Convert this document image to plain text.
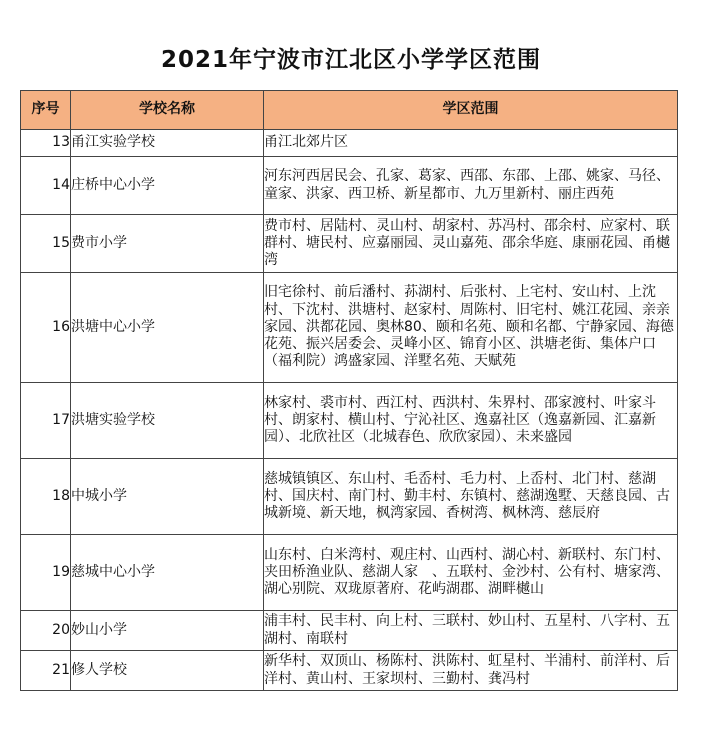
2021年宁波市江北区小学学区范围
序号	学校名称	学区范围
13	甬江实验学校	甬江北郊片区
14	庄桥中心小学	河东河西居民会、孔家、葛家、西邵、东邵、上邵、姚家、马径、童家、洪家、西卫桥、新星都市、九万里新村、丽庄西苑
15	费市小学	费市村、居陆村、灵山村、胡家村、苏冯村、邵余村、应家村、联群村、塘民村、应嘉丽园、灵山嘉苑、邵余华庭、康丽花园、甬樾湾
16	洪塘中心小学	旧宅徐村、前后潘村、荪湖村、后张村、上宅村、安山村、上沈村、下沈村、洪塘村、赵家村、周陈村、旧宅村、姚江花园、亲亲家园、洪都花园、奥林80、颐和名苑、颐和名都、宁静家园、海德花苑、振兴居委会、灵峰小区、锦育小区、洪塘老街、集体户口（福利院）鸿盛家园、洋墅名苑、天赋苑
17	洪塘实验学校	林家村、裘市村、西江村、西洪村、朱界村、邵家渡村、叶家斗村、朗家村、横山村、宁沁社区、逸嘉社区（逸嘉新园、汇嘉新园）、北欣社区（北城春色、欣欣家园）、未来盛园
18	中城小学	慈城镇镇区、东山村、毛岙村、毛力村、上岙村、北门村、慈湖村、国庆村、南门村、勤丰村、东镇村、慈湖逸墅、天慈良园、古城新境、新天地，枫湾家园、香树湾、枫林湾、慈辰府
19	慈城中心小学	山东村、白米湾村、观庄村、山西村、湖心村、新联村、东门村、夹田桥渔业队、慈湖人家　、五联村、金沙村、公有村、塘家湾、湖心别院、双珑原著府、花屿湖郡、湖畔樾山
20	妙山小学	浦丰村、民丰村、向上村、三联村、妙山村、五星村、八字村、五湖村、南联村
21	修人学校	新华村、双顶山、杨陈村、洪陈村、虹星村、半浦村、前洋村、后洋村、黄山村、王家坝村、三勤村、龚冯村
